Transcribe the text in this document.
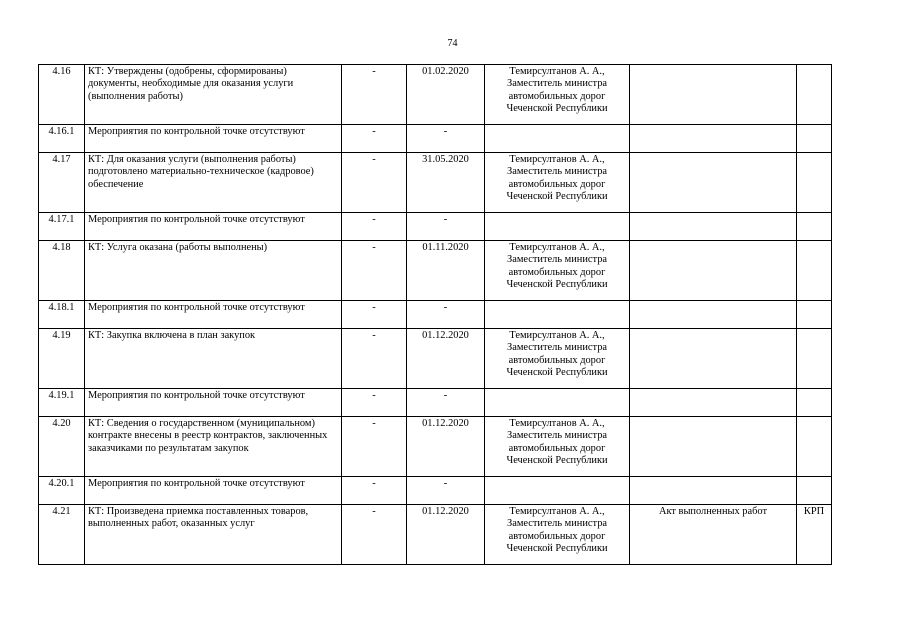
74
4.16	КТ: Утверждены (одобрены, сформированы) документы, необходимые для оказания услуги (выполнения работы)	-	01.02.2020	Темирсултанов А. А., Заместитель министра автомобильных дорог Чеченской Республики		
4.16.1	Мероприятия по контрольной точке отсутствуют	-	-			
4.17	КТ: Для оказания услуги (выполнения работы) подготовлено материально-техническое (кадровое) обеспечение	-	31.05.2020	Темирсултанов А. А., Заместитель министра автомобильных дорог Чеченской Республики		
4.17.1	Мероприятия по контрольной точке отсутствуют	-	-			
4.18	КТ: Услуга оказана (работы выполнены)	-	01.11.2020	Темирсултанов А. А., Заместитель министра автомобильных дорог Чеченской Республики		
4.18.1	Мероприятия по контрольной точке отсутствуют	-	-			
4.19	КТ: Закупка включена в план закупок	-	01.12.2020	Темирсултанов А. А., Заместитель министра автомобильных дорог Чеченской Республики		
4.19.1	Мероприятия по контрольной точке отсутствуют	-	-			
4.20	КТ: Сведения о государственном (муниципальном) контракте внесены в реестр контрактов, заключенных заказчиками по результатам закупок	-	01.12.2020	Темирсултанов А. А., Заместитель министра автомобильных дорог Чеченской Республики		
4.20.1	Мероприятия по контрольной точке отсутствуют	-	-			
4.21	КТ: Произведена приемка поставленных товаров, выполненных работ, оказанных услуг	-	01.12.2020	Темирсултанов А. А., Заместитель министра автомобильных дорог Чеченской Республики	Акт выполненных работ	КРП
